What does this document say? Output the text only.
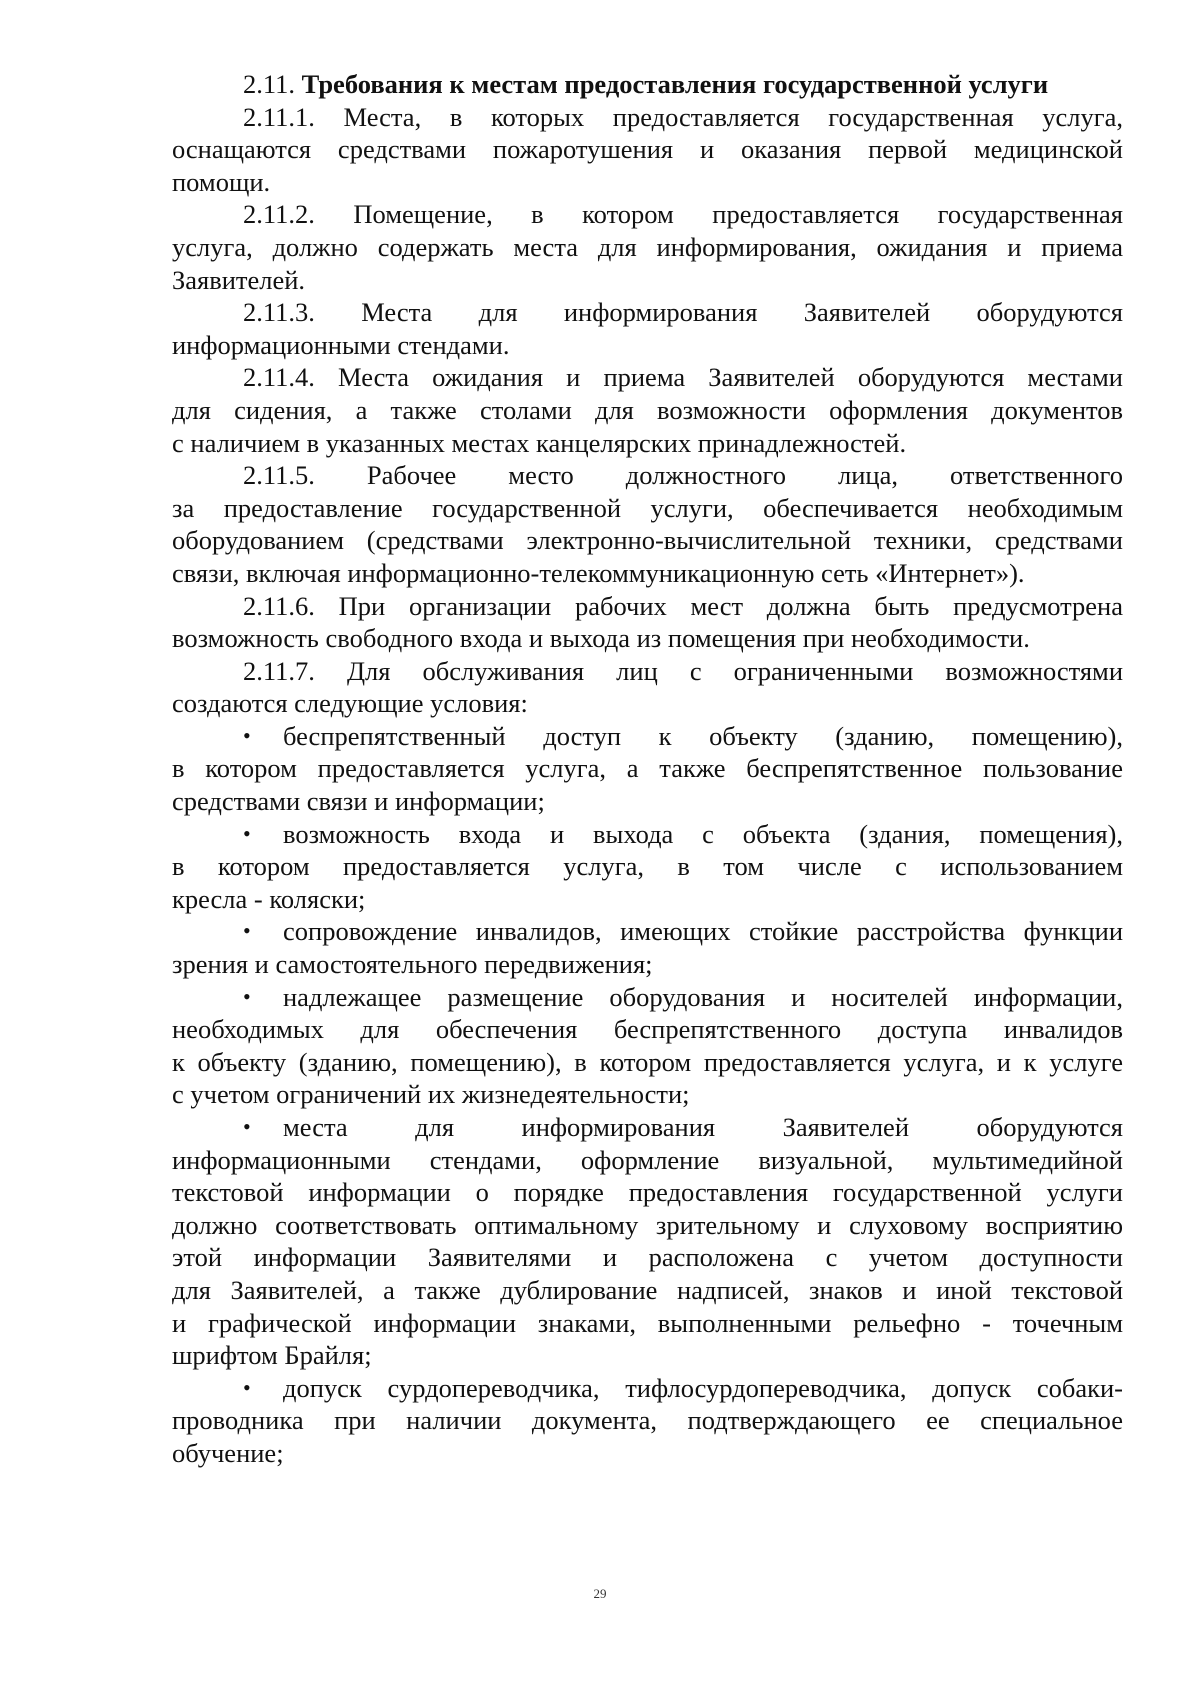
2.11. Требования к местам предоставления государственной услуги
2.11.1. Места, в которых предоставляется государственная услуга,
оснащаются средствами пожаротушения и оказания первой медицинской
помощи.
2.11.2. Помещение, в котором предоставляется государственная
услуга, должно содержать места для информирования, ожидания и приема
Заявителей.
2.11.3. Места для информирования Заявителей оборудуются
информационными стендами.
2.11.4. Места ожидания и приема Заявителей оборудуются местами
для сидения, а также столами для возможности оформления документов
с наличием в указанных местах канцелярских принадлежностей.
2.11.5. Рабочее место должностного лица, ответственного
за предоставление государственной услуги, обеспечивается необходимым
оборудованием (средствами электронно-вычислительной техники, средствами
связи, включая информационно-телекоммуникационную сеть «Интернет»).
2.11.6. При организации рабочих мест должна быть предусмотрена
возможность свободного входа и выхода из помещения при необходимости.
2.11.7. Для обслуживания лиц с ограниченными возможностями
создаются следующие условия:
• беспрепятственный доступ к объекту (зданию, помещению),
в котором предоставляется услуга, а также беспрепятственное пользование
средствами связи и информации;
• возможность входа и выхода с объекта (здания, помещения),
в котором предоставляется услуга, в том числе с использованием
кресла - коляски;
• сопровождение инвалидов, имеющих стойкие расстройства функции
зрения и самостоятельного передвижения;
• надлежащее размещение оборудования и носителей информации,
необходимых для обеспечения беспрепятственного доступа инвалидов
к объекту (зданию, помещению), в котором предоставляется услуга, и к услуге
с учетом ограничений их жизнедеятельности;
• места для информирования Заявителей оборудуются
информационными стендами, оформление визуальной, мультимедийной
текстовой информации о порядке предоставления государственной услуги
должно соответствовать оптимальному зрительному и слуховому восприятию
этой информации Заявителями и расположена с учетом доступности
для Заявителей, а также дублирование надписей, знаков и иной текстовой
и графической информации знаками, выполненными рельефно - точечным
шрифтом Брайля;
• допуск сурдопереводчика, тифлосурдопереводчика, допуск собаки-
проводника при наличии документа, подтверждающего ее специальное
обучение;
29
